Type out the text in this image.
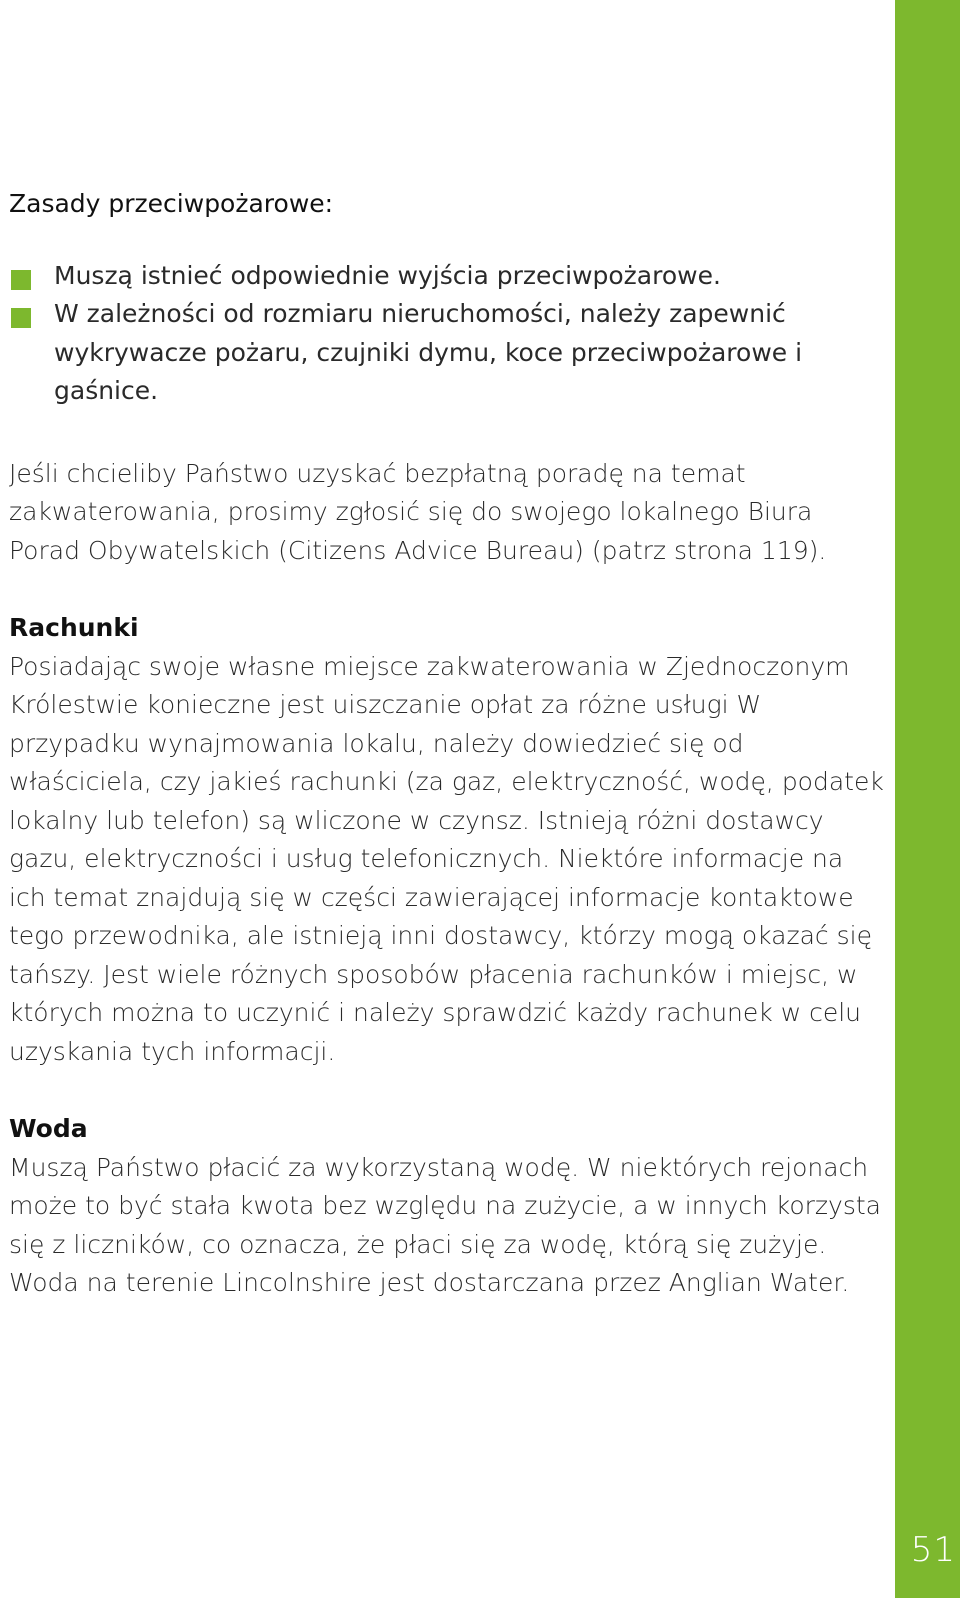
Zasady przeciwpożarowe:
Muszą istnieć odpowiednie wyjścia przeciwpożarowe.
W zależności od rozmiaru nieruchomości, należy zapewnić wykrywacze pożaru, czujniki dymu, koce przeciwpożarowe i gaśnice.

Jeśli chcieliby Państwo uzyskać bezpłatną poradę na temat zakwaterowania, prosimy zgłosić się do swojego lokalnego Biura Porad Obywatelskich (Citizens Advice Bureau) (patrz strona 119).

Rachunki

Posiadając swoje własne miejsce zakwaterowania w Zjednoczonym Królestwie konieczne jest uiszczanie opłat za różne usługi W przypadku wynajmowania lokalu, należy dowiedzieć się od właściciela, czy jakieś rachunki (za gaz, elektryczność, wodę, podatek lokalny lub telefon) są wliczone w czynsz. Istnieją różni dostawcy gazu, elektryczności i usług telefonicznych. Niektóre informacje na ich temat znajdują się w części zawierającej informacje kontaktowe tego przewodnika, ale istnieją inni dostawcy, którzy mogą okazać się tańszy. Jest wiele różnych sposobów płacenia rachunków i miejsc, w których można to uczynić i należy sprawdzić każdy rachunek w celu uzyskania tych informacji.

Woda

Muszą Państwo płacić za wykorzystaną wodę. W niektórych rejonach może to być stała kwota bez względu na zużycie, a w innych korzysta się z liczników, co oznacza, że płaci się za wodę, którą się zużyje. Woda na terenie Lincolnshire jest dostarczana przez Anglian Water.

51
